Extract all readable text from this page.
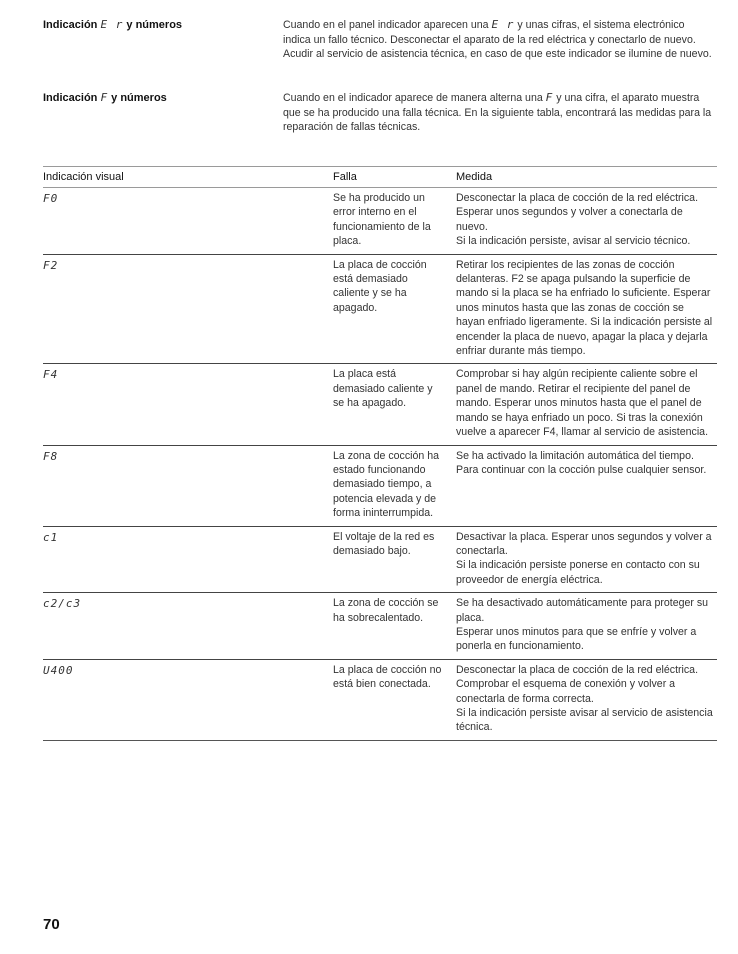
Indicación E r y números	Cuando en el panel indicador aparecen una E r y unas cifras, el sistema electrónico indica un fallo técnico. Desconectar el aparato de la red eléctrica y conectarlo de nuevo. Acudir al servicio de asistencia técnica, en caso de que este indicador se ilumine de nuevo.
Indicación F y números	Cuando en el indicador aparece de manera alterna una F y una cifra, el aparato muestra que se ha producido una falla técnica. En la siguiente tabla, encontrará las medidas para la reparación de fallas técnicas.
Indicación visual	Falla	Medida
F0	Se ha producido un error interno en el funcionamiento de la placa.	Desconectar la placa de cocción de la red eléctrica. Esperar unos segundos y volver a conectarla de nuevo.
Si la indicación persiste, avisar al servicio técnico.

F2	La placa de cocción está demasiado caliente y se ha apagado.	Retirar los recipientes de las zonas de cocción delanteras. F2 se apaga pulsando la superficie de mando si la placa se ha enfriado lo suficiente. Esperar unos minutos hasta que las zonas de cocción se hayan enfriado ligeramente. Si la indicación persiste al encender la placa de nuevo, apagar la placa y dejarla enfriar durante más tiempo.

F4	La placa está demasiado caliente y se ha apagado.	Comprobar si hay algún recipiente caliente sobre el panel de mando. Retirar el recipiente del panel de mando. Esperar unos minutos hasta que el panel de mando se haya enfriado un poco. Si tras la conexión vuelve a aparecer F4, llamar al servicio de asistencia.

F8	La zona de cocción ha estado funcionando demasiado tiempo, a potencia elevada y de forma ininterrumpida.	Se ha activado la limitación automática del tiempo.
Para continuar con la cocción pulse cualquier sensor.

c1	El voltaje de la red es demasiado bajo.	Desactivar la placa. Esperar unos segundos y volver a conectarla.
Si la indicación persiste ponerse en contacto con su proveedor de energía eléctrica.

c2/c3	La zona de cocción se ha sobrecalentado.	Se ha desactivado automáticamente para proteger su placa.
Esperar unos minutos para que se enfríe y volver a ponerla en funcionamiento.

U400	La placa de cocción no está bien conectada.	Desconectar la placa de cocción de la red eléctrica. Comprobar el esquema de conexión y volver a conectarla de forma correcta.
Si la indicación persiste avisar al servicio de asistencia técnica.
70
